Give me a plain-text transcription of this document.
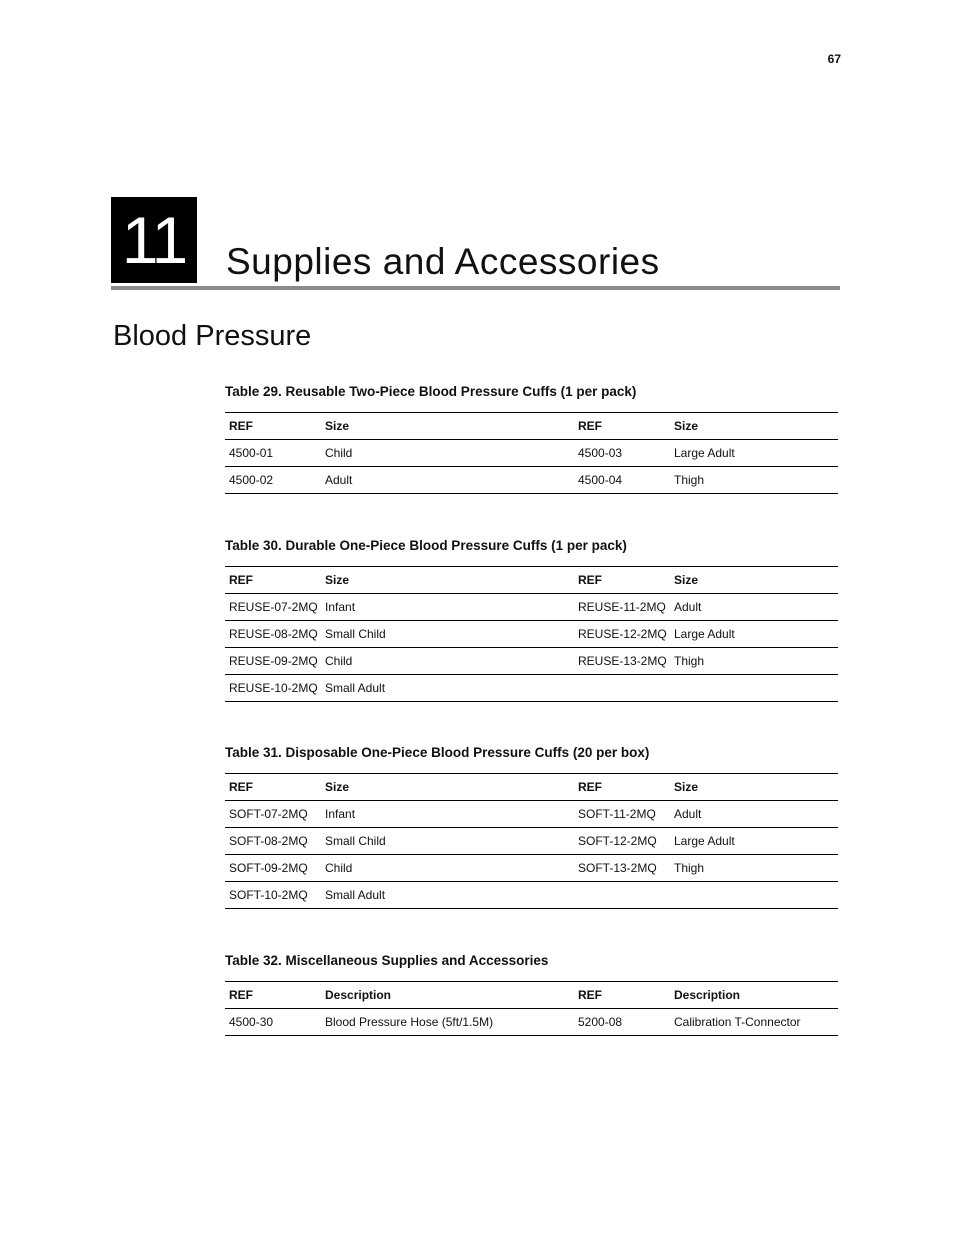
67
11 Supplies and Accessories
Blood Pressure
Table 29. Reusable Two-Piece Blood Pressure Cuffs (1 per pack)
REF	Size	REF	Size
4500-01	Child	4500-03	Large Adult
4500-02	Adult	4500-04	Thigh
Table 30. Durable One-Piece Blood Pressure Cuffs (1 per pack)
REF	Size	REF	Size
REUSE-07-2MQ	Infant	REUSE-11-2MQ	Adult
REUSE-08-2MQ	Small Child	REUSE-12-2MQ	Large Adult
REUSE-09-2MQ	Child	REUSE-13-2MQ	Thigh
REUSE-10-2MQ	Small Adult		
Table 31. Disposable One-Piece Blood Pressure Cuffs (20 per box)
REF	Size	REF	Size
SOFT-07-2MQ	Infant	SOFT-11-2MQ	Adult
SOFT-08-2MQ	Small Child	SOFT-12-2MQ	Large Adult
SOFT-09-2MQ	Child	SOFT-13-2MQ	Thigh
SOFT-10-2MQ	Small Adult		
Table 32. Miscellaneous Supplies and Accessories
REF	Description	REF	Description
4500-30	Blood Pressure Hose (5ft/1.5M)	5200-08	Calibration T-Connector
